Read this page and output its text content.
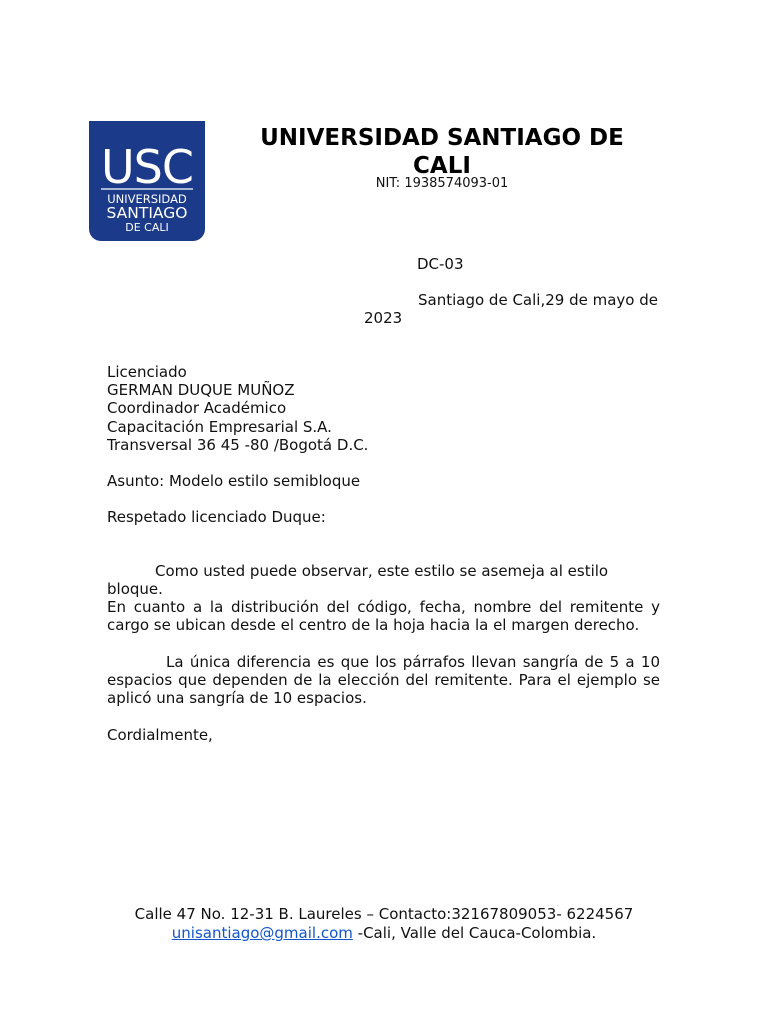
USC
UNIVERSIDAD
SANTIAGO
DE CALI
UNIVERSIDAD SANTIAGO DE
CALI
NIT: 1938574093-01
DC-03
Santiago de Cali,29 de mayo de
2023
Licenciado
GERMAN DUQUE MUÑOZ
Coordinador Académico
Capacitación Empresarial S.A.
Transversal 36 45 -80 /Bogotá D.C.
Asunto: Modelo estilo semibloque
Respetado licenciado Duque:
Como usted puede observar, este estilo se asemeja al estilo
bloque.
En cuanto a la distribución del código, fecha, nombre del remitente y cargo se ubican desde el centro de la hoja hacia la el margen derecho.
La única diferencia es que los párrafos llevan sangría de 5 a 10 espacios que dependen de la elección del remitente. Para el ejemplo se aplicó una sangría de 10 espacios.
Cordialmente,
Calle 47 No. 12-31 B. Laureles – Contacto:32167809053- 6224567
unisantiago@gmail.com -Cali, Valle del Cauca-Colombia.
